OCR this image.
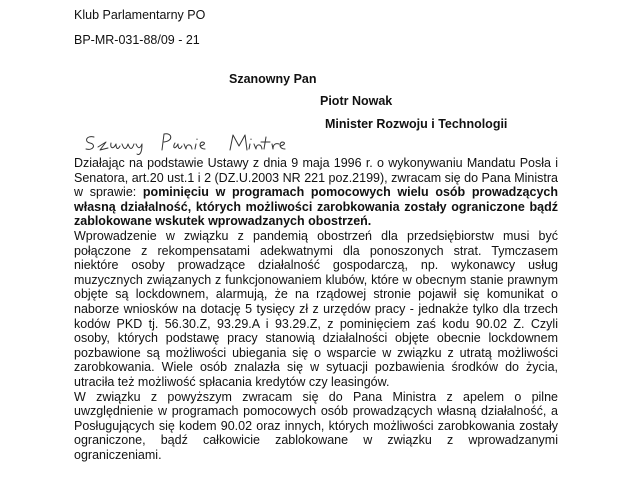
Klub Parlamentarny PO
BP-MR-031-88/09 - 21
Szanowny Pan
Piotr Nowak
Minister Rozwoju i Technologii

Działając na podstawie Ustawy z dnia 9 maja 1996 r. o wykonywaniu Mandatu Posła i Senatora, art.20 ust.1 i 2 (DZ.U.2003 NR 221 poz.2199), zwracam się do Pana Ministra w sprawie: pominięciu w programach pomocowych wielu osób prowadzących własną działalność, których możliwości zarobkowania zostały ograniczone bądź zablokowane wskutek wprowadzanych obostrzeń.

Wprowadzenie w związku z pandemią obostrzeń dla przedsiębiorstw musi być połączone z rekompensatami adekwatnymi dla ponoszonych strat. Tymczasem niektóre osoby prowadzące działalność gospodarczą, np. wykonawcy usług muzycznych związanych z funkcjonowaniem klubów, które w obecnym stanie prawnym objęte są lockdownem, alarmują, że na rządowej stronie pojawił się komunikat o naborze wniosków na dotację 5 tysięcy zł z urzędów pracy - jednakże tylko dla trzech kodów PKD tj. 56.30.Z, 93.29.A i 93.29.Z, z pominięciem zaś kodu 90.02 Z. Czyli osoby, których podstawę pracy stanowią działalności objęte obecnie lockdownem pozbawione są możliwości ubiegania się o wsparcie w związku z utratą możliwości zarobkowania. Wiele osób znalazła się w sytuacji pozbawienia środków do życia, utraciła też możliwość spłacania kredytów czy leasingów.

W związku z powyższym zwracam się do Pana Ministra z apelem o pilne uwzględnienie w programach pomocowych osób prowadzących własną działalność, a Posługujących się kodem 90.02 oraz innych, których możliwości zarobkowania zostały ograniczone, bądź całkowicie zablokowane w związku z wprowadzanymi ograniczeniami.
